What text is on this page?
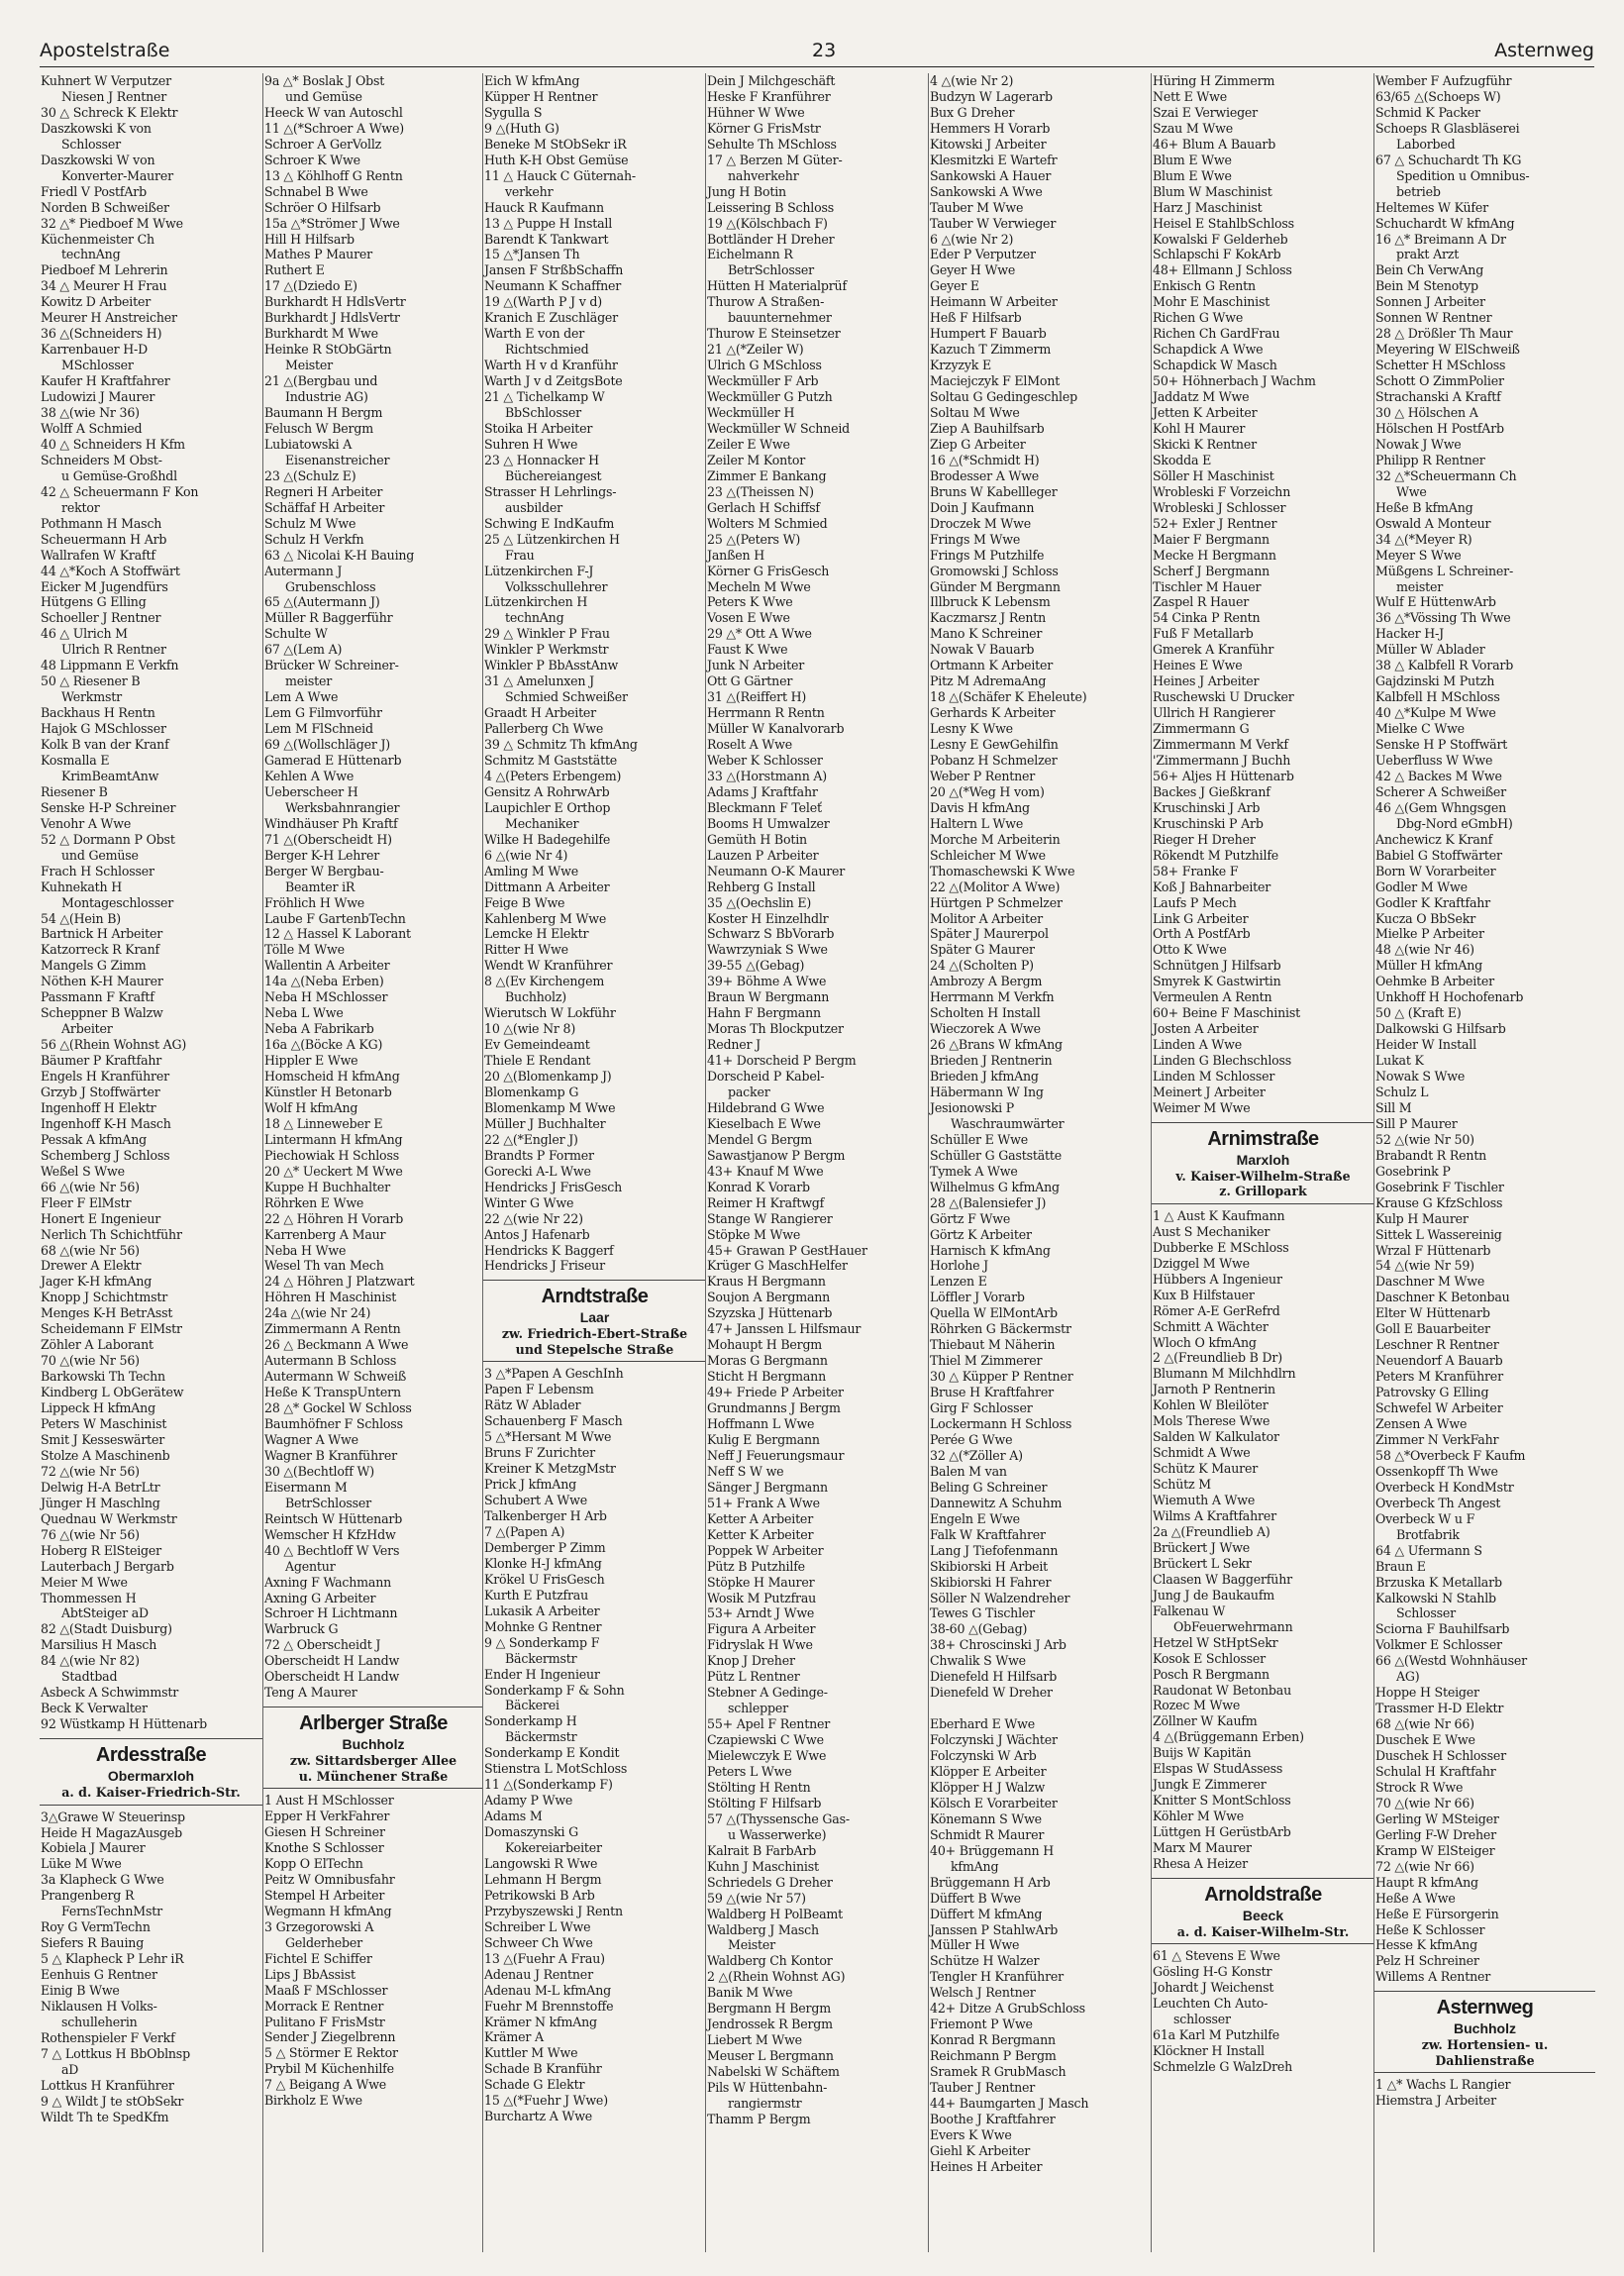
Apostelstraße	23	Asternweg
Kuhnert W Verputzer
Niesen J Rentner
30 △ Schreck K Elektr
Daszkowski K von
Schlosser
Daszkowski W von
Konverter-Maurer
Friedl V PostfArb
Norden B Schweißer
32 △* Piedboef M Wwe
Küchenmeister Ch
technAng
Piedboef M Lehrerin
34 △ Meurer H Frau
Kowitz D Arbeiter
Meurer H Anstreicher
36 △(Schneiders H)
Karrenbauer H-D
MSchlosser
Kaufer H Kraftfahrer
Ludowizi J Maurer
38 △(wie Nr 36)
Wolff A Schmied
40 △ Schneiders H Kfm
Schneiders M Obst-
u Gemüse-Großhdl
42 △ Scheuermann F Kon
rektor
Pothmann H Masch
Scheuermann H Arb
Wallrafen W Kraftf
44 △*Koch A Stoffwärt
Eicker M Jugendfürs
Hütgens G Elling
Schoeller J Rentner
46 △ Ulrich M
Ulrich R Rentner
48 Lippmann E Verkfn
50 △ Riesener B
Werkmstr
Backhaus H Rentn
Hajok G MSchlosser
Kolk B van der Kranf
Kosmalla E
KrimBeamtAnw
Riesener B
Senske H-P Schreiner
Venohr A Wwe
52 △ Dormann P Obst
und Gemüse
Frach H Schlosser
Kuhnekath H
Montageschlosser
54 △(Hein B)
Bartnick H Arbeiter
Katzorreck R Kranf
Mangels G Zimm
Nöthen K-H Maurer
Passmann F Kraftf
Scheppner B Walzw
Arbeiter
56 △(Rhein Wohnst AG)
Bäumer P Kraftfahr
Engels H Kranführer
Grzyb J Stoffwärter
Ingenhoff H Elektr
Ingenhoff K-H Masch
Pessak A kfmAng
Schemberg J Schloss
Weßel S Wwe
66 △(wie Nr 56)
Fleer F ElMstr
Honert E Ingenieur
Nerlich Th Schichtführ
68 △(wie Nr 56)
Drewer A Elektr
Jager K-H kfmAng
Knopp J Schichtmstr
Menges K-H BetrAsst
Scheidemann F ElMstr
Zöhler A Laborant
70 △(wie Nr 56)
Barkowski Th Techn
Kindberg L ObGerätew
Lippeck H kfmAng
Peters W Maschinist
Smit J Kesseswärter
Stolze A Maschinenb
72 △(wie Nr 56)
Delwig H-A BetrLtr
Jünger H Maschlng
Quednau W Werkmstr
76 △(wie Nr 56)
Hoberg R ElSteiger
Lauterbach J Bergarb
Meier M Wwe
Thommessen H
AbtSteiger aD
82 △(Stadt Duisburg)
Marsilius H Masch
84 △(wie Nr 82)
Stadtbad
Asbeck A Schwimmstr
Beck K Verwalter
92 Wüstkamp H Hüttenarb
Ardesstraße
Obermarxloh
a. d. Kaiser-Friedrich-Str.
3△Grawe W Steuerinsp
Heide H MagazAusgeb
Kobiela J Maurer
Lüke M Wwe
3a Klapheck G Wwe
Prangenberg R
FernsTechnMstr
Roy G VermTechn
Siefers R Bauing
5 △ Klapheck P Lehr iR
Eenhuis G Rentner
Einig B Wwe
Niklausen H Volks-
schulleherin
Rothenspieler F Verkf
7 △ Lottkus H BbOblnsp
aD
Lottkus H Kranführer
9 △ Wildt J te stObSekr
Wildt Th te SpedKfm
9a △* Boslak J Obst
und Gemüse
Heeck W van Autoschl
11 △(*Schroer A Wwe)
Schroer A GerVollz
Schroer K Wwe
13 △ Köhlhoff G Rentn
Schnabel B Wwe
Schröer O Hilfsarb
15a △*Strömer J Wwe
Hill H Hilfsarb
Mathes P Maurer
Ruthert E
17 △(Dziedo E)
Burkhardt H HdlsVertr
Burkhardt J HdlsVertr
Burkhardt M Wwe
Heinke R StObGärtn
Meister
21 △(Bergbau und
Industrie AG)
Baumann H Bergm
Felusch W Bergm
Lubiatowski A
Eisenanstreicher
23 △(Schulz E)
Regneri H Arbeiter
Schäffaf H Arbeiter
Schulz M Wwe
Schulz H Verkfn
63 △ Nicolai K-H Bauing
Autermann J
Grubenschloss
65 △(Autermann J)
Müller R Baggerführ
Schulte W
67 △(Lem A)
Brücker W Schreiner-
meister
Lem A Wwe
Lem G Filmvorführ
Lem M FlSchneid
69 △(Wollschläger J)
Gamerad E Hüttenarb
Kehlen A Wwe
Ueberscheer H
Werksbahnrangier
Windhäuser Ph Kraftf
71 △(Oberscheidt H)
Berger K-H Lehrer
Berger W Bergbau-
Beamter iR
Fröhlich H Wwe
Laube F GartenbTechn
12 △ Hassel K Laborant
Tölle M Wwe
Wallentin A Arbeiter
14a △(Neba Erben)
Neba H MSchlosser
Neba L Wwe
Neba A Fabrikarb
16a △(Böcke A KG)
Hippler E Wwe
Homscheid H kfmAng
Künstler H Betonarb
Wolf H kfmAng
18 △ Linneweber E
Lintermann H kfmAng
Piechowiak H Schloss
20 △* Ueckert M Wwe
Kuppe H Buchhalter
Röhrken E Wwe
22 △ Höhren H Vorarb
Karrenberg A Maur
Neba H Wwe
Wesel Th van Mech
24 △ Höhren J Platzwart
Höhren H Maschinist
24a △(wie Nr 24)
Zimmermann A Rentn
26 △ Beckmann A Wwe
Autermann B Schloss
Autermann W Schweiß
Heße K TranspUntern
28 △* Gockel W Schloss
Baumhöfner F Schloss
Wagner A Wwe
Wagner B Kranführer
30 △(Bechtloff W)
Eisermann M
BetrSchlosser
Reintsch W Hüttenarb
Wemscher H KfzHdw
40 △ Bechtloff W Vers
Agentur
Axning F Wachmann
Axning G Arbeiter
Schroer H Lichtmann
Warbruck G
72 △ Oberscheidt J
Oberscheidt H Landw
Oberscheidt H Landw
Teng A Maurer
Arlberger Straße
Buchholz
zw. Sittardsberger Allee
u. Münchener Straße
1 Aust H MSchlosser
Epper H VerkFahrer
Giesen H Schreiner
Knothe S Schlosser
Kopp O ElTechn
Peitz W Omnibusfahr
Stempel H Arbeiter
Wegmann H kfmAng
3 Grzegorowski A
Gelderheber
Fichtel E Schiffer
Lips J BbAssist
Maaß F MSchlosser
Morrack E Rentner
Pulitano F FrisMstr
Sender J Ziegelbrenn
5 △ Störmer E Rektor
Prybil M Küchenhilfe
7 △ Beigang A Wwe
Birkholz E Wwe
Eich W kfmAng
Küpper H Rentner
Sygulla S
9 △(Huth G)
Beneke M StObSekr iR
Huth K-H Obst Gemüse
11 △ Hauck C Güternah-
verkehr
Hauck R Kaufmann
13 △ Puppe H Install
Barendt K Tankwart
15 △*Jansen Th
Jansen F StrßbSchaffn
Neumann K Schaffner
19 △(Warth P J v d)
Kranich E Zuschläger
Warth E von der
Richtschmied
Warth H v d Kranführ
Warth J v d ZeitgsBote
21 △ Tichelkamp W
BbSchlosser
Stoika H Arbeiter
Suhren H Wwe
23 △ Honnacker H
Büchereiangest
Strasser H Lehrlings-
ausbilder
Schwing E IndKaufm
25 △ Lützenkirchen H
Frau
Lützenkirchen F-J
Volksschullehrer
Lützenkirchen H
technAng
29 △ Winkler P Frau
Winkler P Werkmstr
Winkler P BbAsstAnw
31 △ Amelunxen J
Schmied Schweißer
Graadt H Arbeiter
Pallerberg Ch Wwe
39 △ Schmitz Th kfmAng
Schmitz M Gaststätte
4 △(Peters Erbengem)
Gensitz A RohrwArb
Laupichler E Orthop
Mechaniker
Wilke H Badegehilfe
6 △(wie Nr 4)
Amling M Wwe
Dittmann A Arbeiter
Feige B Wwe
Kahlenberg M Wwe
Lemcke H Elektr
Ritter H Wwe
Wendt W Kranführer
8 △(Ev Kirchengem
Buchholz)
Wierutsch W Lokführ
10 △(wie Nr 8)
Ev Gemeindeamt
Thiele E Rendant
20 △(Blomenkamp J)
Blomenkamp G
Blomenkamp M Wwe
Müller J Buchhalter
22 △(*Engler J)
Brandts P Former
Gorecki A-L Wwe
Hendricks J FrisGesch
Winter G Wwe
22 △(wie Nr 22)
Antos J Hafenarb
Hendricks K Baggerf
Hendricks J Friseur
Arndtstraße
Laar
zw. Friedrich-Ebert-Straße
und Stepelsche Straße
3 △*Papen A GeschInh
Papen F Lebensm
Rätz W Ablader
Schauenberg F Masch
5 △*Hersant M Wwe
Bruns F Zurichter
Kreiner K MetzgMstr
Prick J kfmAng
Schubert A Wwe
Talkenberger H Arb
7 △(Papen A)
Demberger P Zimm
Klonke H-J kfmAng
Krökel U FrisGesch
Kurth E Putzfrau
Lukasik A Arbeiter
Mohnke G Rentner
9 △ Sonderkamp F
Bäckermstr
Ender H Ingenieur
Sonderkamp F & Sohn
Bäckerei
Sonderkamp H
Bäckermstr
Sonderkamp E Kondit
Stienstra L MotSchloss
11 △(Sonderkamp F)
Adamy P Wwe
Adams M
Domaszynski G
Kokereiarbeiter
Langowski R Wwe
Lehmann H Bergm
Petrikowski B Arb
Przybyszewski J Rentn
Schreiber L Wwe
Schweer Ch Wwe
13 △(Fuehr A Frau)
Adenau J Rentner
Adenau M-L kfmAng
Fuehr M Brennstoffe
Krämer N kfmAng
Krämer A
Kuttler M Wwe
Schade B Kranführ
Schade G Elektr
15 △(*Fuehr J Wwe)
Burchartz A Wwe
Dein J Milchgeschäft
Heske F Kranführer
Hühner W Wwe
Körner G FrisMstr
Sehulte Th MSchloss
17 △ Berzen M Güter-
nahverkehr
Jung H Botin
Leissering B Schloss
19 △(Kölschbach F)
Bottländer H Dreher
Eichelmann R
BetrSchlosser
Hütten H Materialprüf
Thurow A Straßen-
bauunternehmer
Thurow E Steinsetzer
21 △(*Zeiler W)
Ulrich G MSchloss
Weckmüller F Arb
Weckmüller G Putzh
Weckmüller H
Weckmüller W Schneid
Zeiler E Wwe
Zeiler M Kontor
Zimmer E Bankang
23 △(Theissen N)
Gerlach H Schiffsf
Wolters M Schmied
25 △(Peters W)
Janßen H
Körner G FrisGesch
Mecheln M Wwe
Peters K Wwe
Vosen E Wwe
29 △* Ott A Wwe
Faust K Wwe
Junk N Arbeiter
Ott G Gärtner
31 △(Reiffert H)
Herrmann R Rentn
Müller W Kanalvorarb
Roselt A Wwe
Weber K Schlosser
33 △(Horstmann A)
Adams J Kraftfahr
Bleckmann F Teleť
Booms H Umwalzer
Gemüth H Botin
Lauzen P Arbeiter
Neumann O-K Maurer
Rehberg G Install
35 △(Oechslin E)
Koster H Einzelhdlr
Schwarz S BbVorarb
Wawrzyniak S Wwe
39-55 △(Gebag)
39+ Böhme A Wwe
Braun W Bergmann
Hahn F Bergmann
Moras Th Blockputzer
Redner J
41+ Dorscheid P Bergm
Dorscheid P Kabel-
packer
Hildebrand G Wwe
Kieselbach E Wwe
Mendel G Bergm
Sawastjanow P Bergm
43+ Knauf M Wwe
Konrad K Vorarb
Reimer H Kraftwgf
Stange W Rangierer
Stöpke M Wwe
45+ Grawan P GestHauer
Krüger G MaschHelfer
Kraus H Bergmann
Soujon A Bergmann
Szyzska J Hüttenarb
47+ Janssen L Hilfsmaur
Mohaupt H Bergm
Moras G Bergmann
Sticht H Bergmann
49+ Friede P Arbeiter
Grundmanns J Bergm
Hoffmann L Wwe
Kulig E Bergmann
Neff J Feuerungsmaur
Neff S W we
Sänger J Bergmann
51+ Frank A Wwe
Ketter A Arbeiter
Ketter K Arbeiter
Poppek W Arbeiter
Pütz B Putzhilfe
Stöpke H Maurer
Wosik M Putzfrau
53+ Arndt J Wwe
Figura A Arbeiter
Fidryslak H Wwe
Knop J Dreher
Pütz L Rentner
Stebner A Gedinge-
schlepper
55+ Apel F Rentner
Czapiewski C Wwe
Mielewczyk E Wwe
Peters L Wwe
Stölting H Rentn
Stölting F Hilfsarb
57 △(Thyssensche Gas-
u Wasserwerke)
Kalrait B FarbArb
Kuhn J Maschinist
Schriedels G Dreher
59 △(wie Nr 57)
Waldberg H PolBeamt
Waldberg J Masch
Meister
Waldberg Ch Kontor
2 △(Rhein Wohnst AG)
Banik M Wwe
Bergmann H Bergm
Jendrossek R Bergm
Liebert M Wwe
Meuser L Bergmann
Nabelski W Schäftem
Pils W Hüttenbahn-
rangiermstr
Thamm P Bergm
4 △(wie Nr 2)
Budzyn W Lagerarb
Bux G Dreher
Hemmers H Vorarb
Kitowski J Arbeiter
Klesmitzki E Wartefr
Sankowski A Hauer
Sankowski A Wwe
Tauber M Wwe
Tauber W Verwieger
6 △(wie Nr 2)
Eder P Verputzer
Geyer H Wwe
Geyer E
Heimann W Arbeiter
Heß F Hilfsarb
Humpert F Bauarb
Kazuch T Zimmerm
Krzyzyk E
Maciejczyk F ElMont
Soltau G Gedingeschlep
Soltau M Wwe
Ziep A Bauhilfsarb
Ziep G Arbeiter
16 △(*Schmidt H)
Brodesser A Wwe
Bruns W Kabellleger
Doin J Kaufmann
Droczek M Wwe
Frings M Wwe
Frings M Putzhilfe
Gromowski J Schloss
Günder M Bergmann
Illbruck K Lebensm
Kaczmarsz J Rentn
Mano K Schreiner
Nowak V Bauarb
Ortmann K Arbeiter
Pitz M AdremaAng
18 △(Schäfer K Eheleute)
Gerhards K Arbeiter
Lesny K Wwe
Lesny E GewGehilfin
Pobanz H Schmelzer
Weber P Rentner
20 △(*Weg H vom)
Davis H kfmAng
Haltern L Wwe
Morche M Arbeiterin
Schleicher M Wwe
Thomaschewski K Wwe
22 △(Molitor A Wwe)
Hürtgen P Schmelzer
Molitor A Arbeiter
Später J Maurerpol
Später G Maurer
24 △(Scholten P)
Ambrozy A Bergm
Herrmann M Verkfn
Scholten H Install
Wieczorek A Wwe
26 △Brans W kfmAng
Brieden J Rentnerin
Brieden J kfmAng
Häbermann W Ing
Jesionowski P
Waschraumwärter
Schüller E Wwe
Schüller G Gaststätte
Tymek A Wwe
Wilhelmus G kfmAng
28 △(Balensiefer J)
Görtz F Wwe
Görtz K Arbeiter
Harnisch K kfmAng
Horlohe J
Lenzen E
Löffler J Vorarb
Quella W ElMontArb
Röhrken G Bäckermstr
Thiebaut M Näherin
Thiel M Zimmerer
30 △ Küpper P Rentner
Bruse H Kraftfahrer
Girg F Schlosser
Lockermann H Schloss
Perée G Wwe
32 △(*Zöller A)
Balen M van
Beling G Schreiner
Dannewitz A Schuhm
Engeln E Wwe
Falk W Kraftfahrer
Lang J Tiefofenmann
Skibiorski H Arbeit
Skibiorski H Fahrer
Söller N Walzendreher
Tewes G Tischler
38-60 △(Gebag)
38+ Chroscinski J Arb
Chwalik S Wwe
Dienefeld H Hilfsarb
Dienefeld W Dreher

Eberhard E Wwe
Folczynski J Wächter
Folczynski W Arb
Klöpper E Arbeiter
Klöpper H J Walzw
Kölsch E Vorarbeiter
Könemann S Wwe
Schmidt R Maurer
40+ Brüggemann H
kfmAng
Brüggemann H Arb
Düffert B Wwe
Düffert M kfmAng
Janssen P StahlwArb
Müller H Wwe
Schütze H Walzer
Tengler H Kranführer
Welsch J Rentner
42+ Ditze A GrubSchloss
Friemont P Wwe
Konrad R Bergmann
Reichmann P Bergm
Sramek R GrubMasch
Tauber J Rentner
44+ Baumgarten J Masch
Boothe J Kraftfahrer
Evers K Wwe
Giehl K Arbeiter
Heines H Arbeiter
Hüring H Zimmerm
Nett E Wwe
Szai E Verwieger
Szau M Wwe
46+ Blum A Bauarb
Blum E Wwe
Blum E Wwe
Blum W Maschinist
Harz J Maschinist
Heisel E StahlbSchloss
Kowalski F Gelderheb
Schlapschi F KokArb
48+ Ellmann J Schloss
Enkisch G Rentn
Mohr E Maschinist
Richen G Wwe
Richen Ch GardFrau
Schapdick A Wwe
Schapdick W Masch
50+ Höhnerbach J Wachm
Jaddatz M Wwe
Jetten K Arbeiter
Kohl H Maurer
Skicki K Rentner
Skodda E
Söller H Maschinist
Wrobleski F Vorzeichn
Wrobleski J Schlosser
52+ Exler J Rentner
Maier F Bergmann
Mecke H Bergmann
Scherf J Bergmann
Tischler M Hauer
Zaspel R Hauer
54 Cinka P Rentn
Fuß F Metallarb
Gmerek A Kranführ
Heines E Wwe
Heines J Arbeiter
Ruschewski U Drucker
Ullrich H Rangierer
Zimmermann G
Zimmermann M Verkf
'Zimmermann J Buchh
56+ Aljes H Hüttenarb
Backes J Gießkranf
Kruschinski J Arb
Kruschinski P Arb
Rieger H Dreher
Rökendt M Putzhilfe
58+ Franke F
Koß J Bahnarbeiter
Laufs P Mech
Link G Arbeiter
Orth A PostfArb
Otto K Wwe
Schnütgen J Hilfsarb
Smyrek K Gastwirtin
Vermeulen A Rentn
60+ Beine F Maschinist
Josten A Arbeiter
Linden A Wwe
Linden G Blechschloss
Linden M Schlosser
Meinert J Arbeiter
Weimer M Wwe
Arnimstraße
Marxloh
v. Kaiser-Wilhelm-Straße
z. Grillopark
1 △ Aust K Kaufmann
Aust S Mechaniker
Dubberke E MSchloss
Dziggel M Wwe
Hübbers A Ingenieur
Kux B Hilfstauer
Römer A-E GerRefrd
Schmitt A Wächter
Wloch O kfmAng
2 △(Freundlieb B Dr)
Blumann M Milchhdlrn
Jarnoth P Rentnerin
Kohlen W Bleilöter
Mols Therese Wwe
Salden W Kalkulator
Schmidt A Wwe
Schütz K Maurer
Schütz M
Wiemuth A Wwe
Wilms A Kraftfahrer
2a △(Freundlieb A)
Brückert J Wwe
Brückert L Sekr
Claasen W Baggerführ
Jung J de Baukaufm
Falkenau W
ObFeuerwehrmann
Hetzel W StHptSekr
Kosok E Schlosser
Posch R Bergmann
Raudonat W Betonbau
Rozec M Wwe
Zöllner W Kaufm
4 △(Brüggemann Erben)
Buijs W Kapitän
Elspas W StudAssess
Jungk E Zimmerer
Knitter S MontSchloss
Köhler M Wwe
Lüttgen H GerüstbArb
Marx M Maurer
Rhesa A Heizer
Arnoldstraße
Beeck
a. d. Kaiser-Wilhelm-Str.
61 △ Stevens E Wwe
Gösling H-G Konstr
Johardt J Weichenst
Leuchten Ch Auto-
schlosser
61a Karl M Putzhilfe
Klöckner H Install
Schmelzle G WalzDreh
Wember F Aufzugführ
63/65 △(Schoeps W)
Schmid K Packer
Schoeps R Glasbläserei
Laborbed
67 △ Schuchardt Th KG
Spedition u Omnibus-
betrieb
Heltemes W Küfer
Schuchardt W kfmAng
16 △* Breimann A Dr
prakt Arzt
Bein Ch VerwAng
Bein M Stenotyp
Sonnen J Arbeiter
Sonnen W Rentner
28 △ Drößler Th Maur
Meyering W ElSchweiß
Schetter H MSchloss
Schott O ZimmPolier
Strachanski A Kraftf
30 △ Hölschen A
Hölschen H PostfArb
Nowak J Wwe
Philipp R Rentner
32 △*Scheuermann Ch
Wwe
Heße B kfmAng
Oswald A Monteur
34 △(*Meyer R)
Meyer S Wwe
Müßgens L Schreiner-
meister
Wulf E HüttenwArb
36 △*Vössing Th Wwe
Hacker H-J
Müller W Ablader
38 △ Kalbfell R Vorarb
Gajdzinski M Putzh
Kalbfell H MSchloss
40 △*Kulpe M Wwe
Mielke C Wwe
Senske H P Stoffwärt
Ueberfluss W Wwe
42 △ Backes M Wwe
Scherer A Schweißer
46 △(Gem Whngsgen
Dbg-Nord eGmbH)
Anchewicz K Kranf
Babiel G Stoffwärter
Born W Vorarbeiter
Godler M Wwe
Godler K Kraftfahr
Kucza O BbSekr
Mielke P Arbeiter
48 △(wie Nr 46)
Müller H kfmAng
Oehmke B Arbeiter
Unkhoff H Hochofenarb
50 △ (Kraft E)
Dalkowski G Hilfsarb
Heider W Install
Lukat K
Nowak S Wwe
Schulz L
Sill M
Sill P Maurer
52 △(wie Nr 50)
Brabandt R Rentn
Gosebrink P
Gosebrink F Tischler
Krause G KfzSchloss
Kulp H Maurer
Sittek L Wassereinig
Wrzal F Hüttenarb
54 △(wie Nr 59)
Daschner M Wwe
Daschner K Betonbau
Elter W Hüttenarb
Goll E Bauarbeiter
Leschner R Rentner
Neuendorf A Bauarb
Peters M Kranführer
Patrovsky G Elling
Schwefel W Arbeiter
Zensen A Wwe
Zimmer N VerkFahr
58 △*Overbeck F Kaufm
Ossenkopff Th Wwe
Overbeck H KondMstr
Overbeck Th Angest
Overbeck W u F
Brotfabrik
64 △ Ufermann S
Braun E
Brzuska K Metallarb
Kalkowski N Stahlb
Schlosser
Sciorna F Bauhilfsarb
Volkmer E Schlosser
66 △(Westd Wohnhäuser
AG)
Hoppe H Steiger
Trassmer H-D Elektr
68 △(wie Nr 66)
Duschek E Wwe
Duschek H Schlosser
Schulal H Kraftfahr
Strock R Wwe
70 △(wie Nr 66)
Gerling W MSteiger
Gerling F-W Dreher
Kramp W ElSteiger
72 △(wie Nr 66)
Haupt R kfmAng
Heße A Wwe
Heße E Fürsorgerin
Heße K Schlosser
Hesse K kfmAng
Pelz H Schreiner
Willems A Rentner
Asternweg
Buchholz
zw. Hortensien- u.
Dahlienstraße
1 △* Wachs L Rangier
Hiemstra J Arbeiter
